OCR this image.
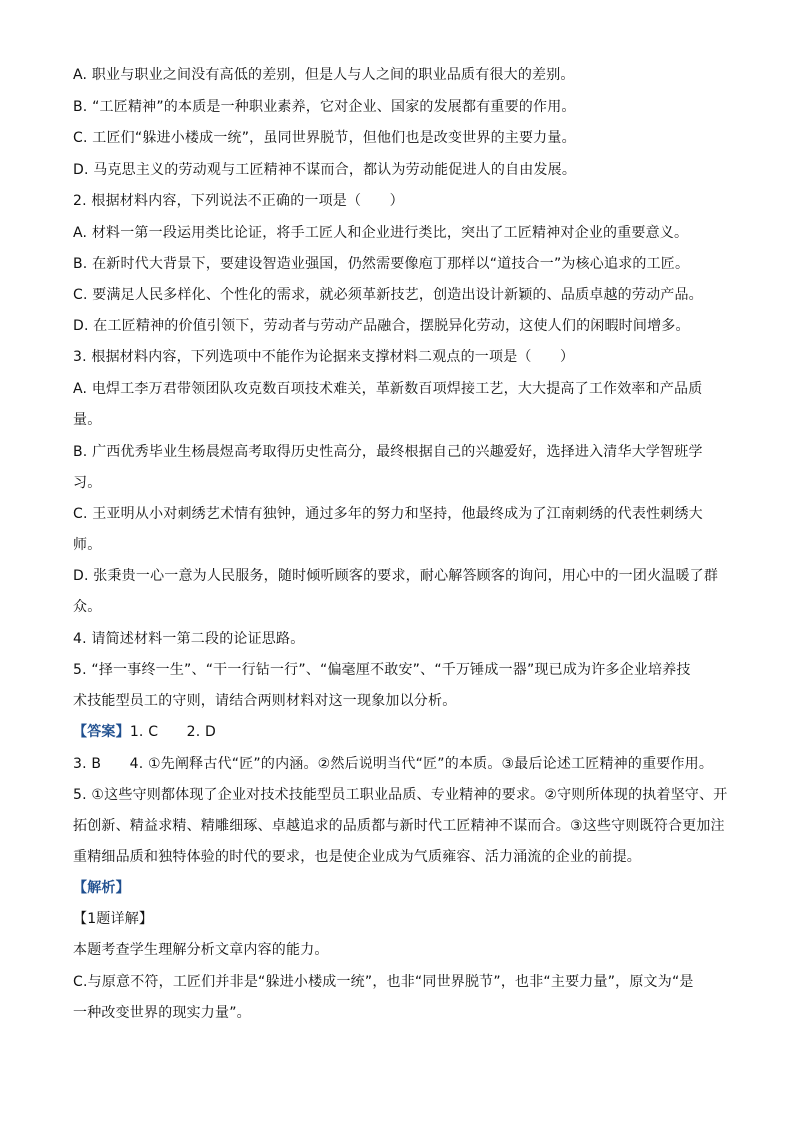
A. 职业与职业之间没有高低的差别，但是人与人之间的职业品质有很大的差别。
B. “工匠精神”的本质是一种职业素养，它对企业、国家的发展都有重要的作用。
C. 工匠们“躲进小楼成一统”，虽同世界脱节，但他们也是改变世界的主要力量。
D. 马克思主义的劳动观与工匠精神不谋而合，都认为劳动能促进人的自由发展。
2. 根据材料内容，下列说法不正确的一项是（　　）
A. 材料一第一段运用类比论证，将手工匠人和企业进行类比，突出了工匠精神对企业的重要意义。
B. 在新时代大背景下，要建设智造业强国，仍然需要像庖丁那样以“道技合一”为核心追求的工匠。
C. 要满足人民多样化、个性化的需求，就必须革新技艺，创造出设计新颖的、品质卓越的劳动产品。
D. 在工匠精神的价值引领下，劳动者与劳动产品融合，摆脱异化劳动，这使人们的闲暇时间增多。
3. 根据材料内容，下列选项中不能作为论据来支撑材料二观点的一项是（　　）
A. 电焊工李万君带领团队攻克数百项技术难关，革新数百项焊接工艺，大大提高了工作效率和产品质
量。
B. 广西优秀毕业生杨晨煜高考取得历史性高分，最终根据自己的兴趣爱好，选择进入清华大学智班学
习。
C. 王亚明从小对刺绣艺术情有独钟，通过多年的努力和坚持，他最终成为了江南刺绣的代表性刺绣大
师。
D. 张秉贵一心一意为人民服务，随时倾听顾客的要求，耐心解答顾客的询问，用心中的一团火温暖了群
众。
4. 请简述材料一第二段的论证思路。
5. “择一事终一生”、“干一行钻一行”、“偏毫厘不敢安”、“千万锤成一器”现已成为许多企业培养技
术技能型员工的守则，请结合两则材料对这一现象加以分析。
【答案】1. C　　2. D
3. B　　4. ①先阐释古代“匠”的内涵。②然后说明当代“匠”的本质。③最后论述工匠精神的重要作用。
5. ①这些守则都体现了企业对技术技能型员工职业品质、专业精神的要求。②守则所体现的执着坚守、开
拓创新、精益求精、精雕细琢、卓越追求的品质都与新时代工匠精神不谋而合。③这些守则既符合更加注
重精细品质和独特体验的时代的要求，也是使企业成为气质雍容、活力涌流的企业的前提。
【解析】
【1题详解】
本题考查学生理解分析文章内容的能力。
C.与原意不符，工匠们并非是“躲进小楼成一统”，也非“同世界脱节”，也非“主要力量”，原文为“是
一种改变世界的现实力量”。
